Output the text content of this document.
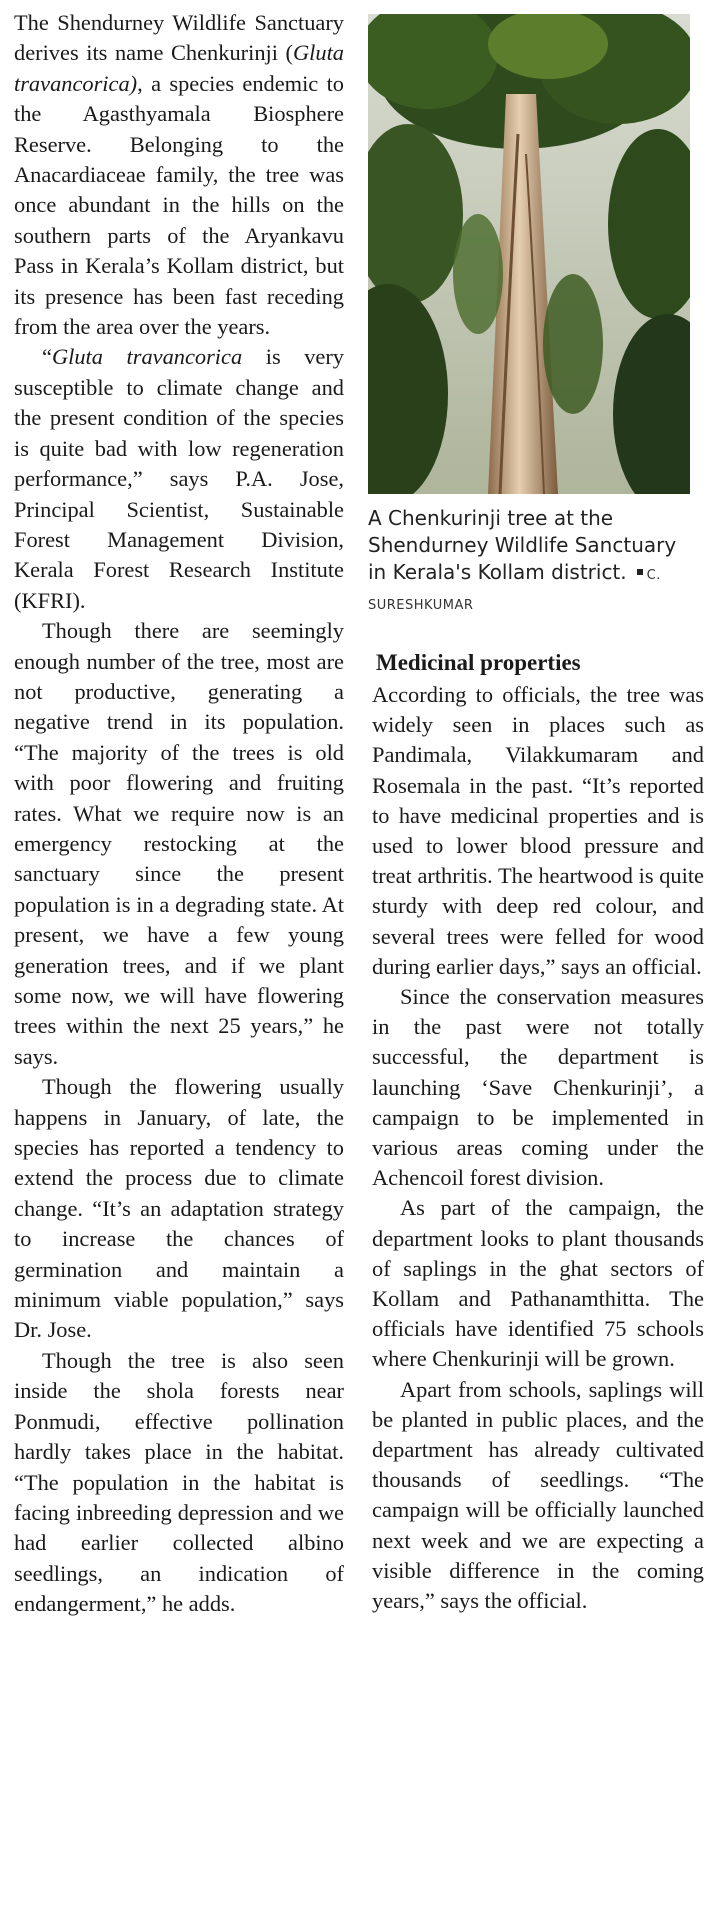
The Shendurney Wildlife Sanctuary derives its name Chenkurinji (Gluta travancorica), a species endemic to the Agasthyamala Biosphere Reserve. Belonging to the Anacardiaceae family, the tree was once abundant in the hills on the southern parts of the Aryankavu Pass in Kerala’s Kollam district, but its presence has been fast receding from the area over the years.

“Gluta travancorica is very susceptible to climate change and the present condition of the species is quite bad with low regeneration performance,” says P.A. Jose, Principal Scientist, Sustainable Forest Management Division, Kerala Forest Research Institute (KFRI).

Though there are seemingly enough number of the tree, most are not productive, generating a negative trend in its population. “The majority of the trees is old with poor flowering and fruiting rates. What we require now is an emergency restocking at the sanctuary since the present population is in a degrading state. At present, we have a few young generation trees, and if we plant some now, we will have flowering trees within the next 25 years,” he says.

Though the flowering usually happens in January, of late, the species has reported a tendency to extend the process due to climate change. “It’s an adaptation strategy to increase the chances of germination and maintain a minimum viable population,” says Dr. Jose.

Though the tree is also seen inside the shola forests near Ponmudi, effective pollination hardly takes place in the habitat. “The population in the habitat is facing inbreeding depression and we had earlier collected albino seedlings, an indication of endangerment,” he adds.

A Chenkurinji tree at the Shendurney Wildlife Sanctuary in Kerala's Kollam district. C. SURESHKUMAR
Medicinal properties

According to officials, the tree was widely seen in places such as Pandimala, Vilakkumaram and Rosemala in the past. “It’s reported to have medicinal properties and is used to lower blood pressure and treat arthritis. The heartwood is quite sturdy with deep red colour, and several trees were felled for wood during earlier days,” says an official.

Since the conservation measures in the past were not totally successful, the department is launching ‘Save Chenkurinji’, a campaign to be implemented in various areas coming under the Achencoil forest division.

As part of the campaign, the department looks to plant thousands of saplings in the ghat sectors of Kollam and Pathanamthitta. The officials have identified 75 schools where Chenkurinji will be grown.

Apart from schools, saplings will be planted in public places, and the department has already cultivated thousands of seedlings. “The campaign will be officially launched next week and we are expecting a visible difference in the coming years,” says the official.
